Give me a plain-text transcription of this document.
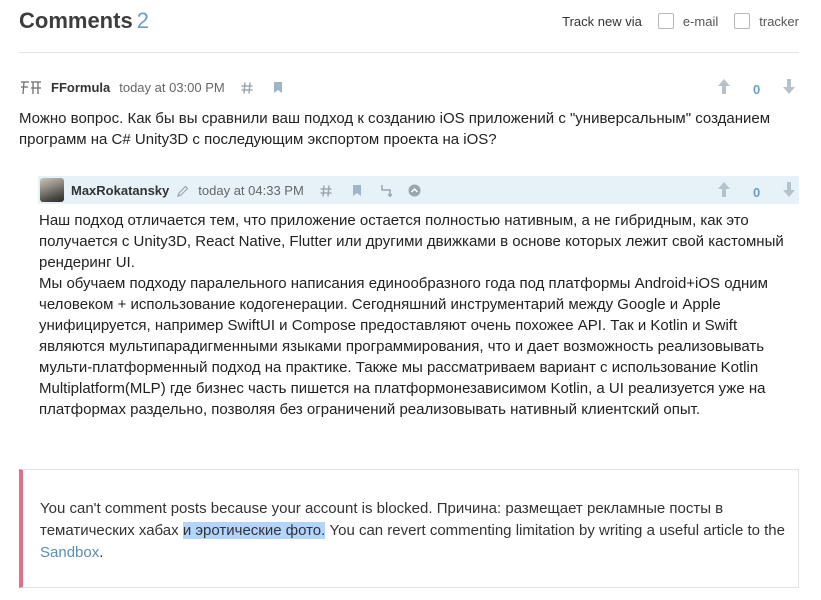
Comments 2	Track new via	e-mail	tracker
FFormula today at 03:00 PM	0
Можно вопрос. Как бы вы сравнили ваш подход к созданию iOS приложений с "универсальным" созданием программ на C# Unity3D с последующим экспортом проекта на iOS?
MaxRokatansky today at 04:33 PM	0
Наш подход отличается тем, что приложение остается полностью нативным, а не гибридным, как это получается с Unity3D, React Native, Flutter или другими движками в основе которых лежит свой кастомный рендеринг UI.
Мы обучаем подходу паралельного написания единообразного года под платформы Android+iOS одним человеком + использование кодогенерации. Сегодняшний инструментарий между Google и Apple унифицируется, например SwiftUI и Compose предоставляют очень похожее API. Так и Kotlin и Swift являются мультипарадигменными языками программирования, что и дает возможность реализовывать мульти-платформенный подход на практике. Также мы рассматриваем вариант с использование Kotlin Multiplatform(MLP) где бизнес часть пишется на платформонезависимом Kotlin, а UI реализуется уже на платформах раздельно, позволяя без ограничений реализовывать нативный клиентский опыт.
You can't comment posts because your account is blocked. Причина: размещает рекламные посты в тематических хабах и эротические фото. You can revert commenting limitation by writing a useful article to the Sandbox.
